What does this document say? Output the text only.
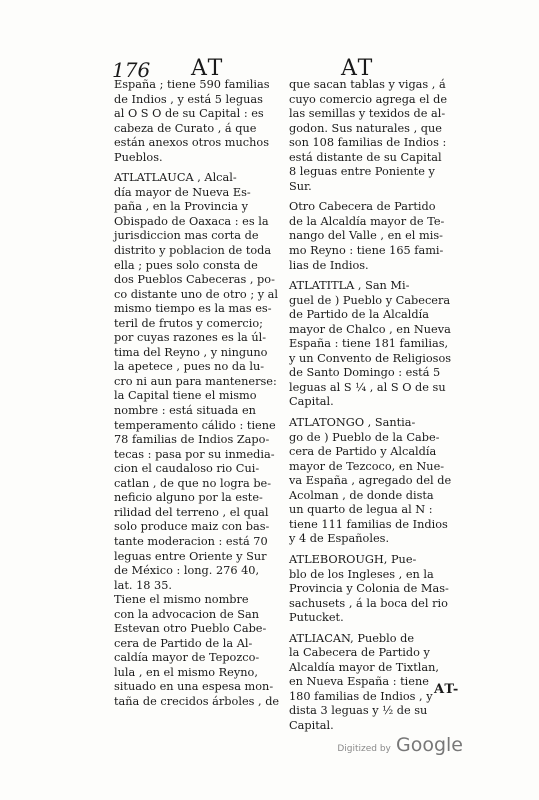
176 AT	AT
España ; tiene 590 familias
de Indios , y está 5 leguas
al O S O de su Capital : es
cabeza de Curato , á que
están anexos otros muchos
Pueblos.
ATLATLAUCA , Alcal-
día mayor de Nueva Es-
paña , en la Provincia y
Obispado de Oaxaca : es la
jurisdiccion mas corta de
distrito y poblacion de toda
ella ; pues solo consta de
dos Pueblos Cabeceras , po-
co distante uno de otro ; y al
mismo tiempo es la mas es-
teril de frutos y comercio;
por cuyas razones es la úl-
tima del Reyno , y ninguno
la apetece , pues no da lu-
cro ni aun para mantenerse:
la Capital tiene el mismo
nombre : está situada en
temperamento cálido : tiene
78 familias de Indios Zapo-
tecas : pasa por su inmedia-
cion el caudaloso rio Cui-
catlan , de que no logra be-
neficio alguno por la este-
rilidad del terreno , el qual
solo produce maiz con bas-
tante moderacion : está 70
leguas entre Oriente y Sur
de México : long. 276 40,
lat. 18 35.
Tiene el mismo nombre
con la advocacion de San
Estevan otro Pueblo Cabe-
cera de Partido de la Al-
caldía mayor de Tepozco-
lula , en el mismo Reyno,
situado en una espesa mon-
taña de crecidos árboles , de
que sacan tablas y vigas , á
cuyo comercio agrega el de
las semillas y texidos de al-
godon. Sus naturales , que
son 108 familias de Indios :
está distante de su Capital
8 leguas entre Poniente y
Sur.
Otro Cabecera de Partido
de la Alcaldía mayor de Te-
nango del Valle , en el mis-
mo Reyno : tiene 165 fami-
lias de Indios.
ATLATITLA , San Mi-
guel de ) Pueblo y Cabecera
de Partido de la Alcaldía
mayor de Chalco , en Nueva
España : tiene 181 familias,
y un Convento de Religiosos
de Santo Domingo : está 5
leguas al S ¼ , al S O de su
Capital.
ATLATONGO , Santia-
go de ) Pueblo de la Cabe-
cera de Partido y Alcaldía
mayor de Tezcoco, en Nue-
va España , agregado del de
Acolman , de donde dista
un quarto de legua al N :
tiene 111 familias de Indios
y 4 de Españoles.
ATLEBOROUGH, Pue-
blo de los Ingleses , en la
Provincia y Colonia de Mas-
sachusets , á la boca del rio
Putucket.
ATLIACAN, Pueblo de
la Cabecera de Partido y
Alcaldía mayor de Tixtlan,
en Nueva España : tiene
180 familias de Indios , y
dista 3 leguas y ½ de su
Capital.
AT-
Digitized by Google
